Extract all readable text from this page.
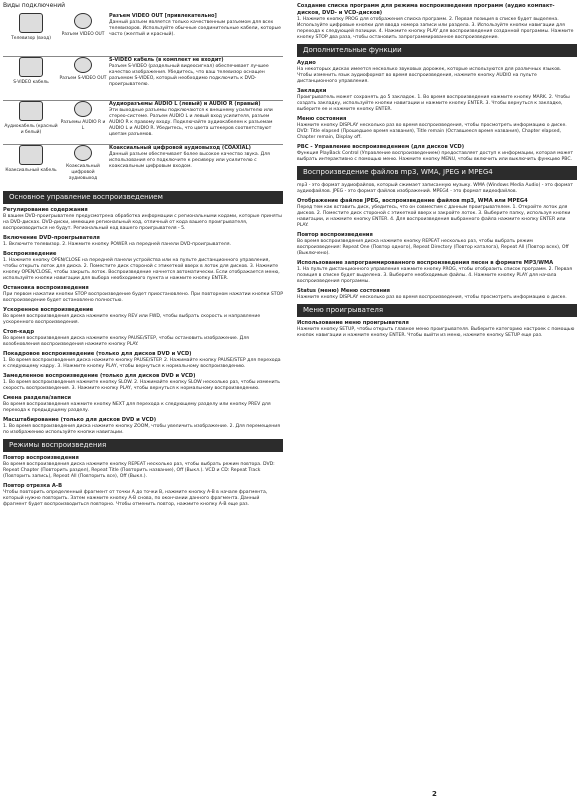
Виды подключений
Телевизор (вход)
Разъем VIDEO OUT
Разъем VIDEO OUT [привлекательно]
Данный разъем является только качественным разъемом для всех телевизоров. Используйте обычные соединительные кабели, которые часто (желтый и красный).
S-VIDEO кабель
Разъем S-VIDEO OUT
S-VIDEO кабель (в комплект не входит)
Разъем S-VIDEO (раздельный видеосигнал) обеспечивает лучшее качество изображения. Убедитесь, что ваш телевизор оснащен разъемом S-VIDEO, который необходимо подключить к DVD-проигрывателю.
Аудиокабель (красный и белый)
Разъемы AUDIO R и L
Аудиоразъемы AUDIO L (левый) и AUDIO R (правый)
Эти выходные разъемы подключаются к внешнему усилителю или стерео-системе. Разъем AUDIO L и левый вход усилителя, разъем AUDIO R к правому входу. Подключайте аудиокабелем к разъемам AUDIO L и AUDIO R. Убедитесь, что цвета штекеров соответствуют цветам разъемов.
Коаксиальный кабель
Коаксиальный цифровой аудиовыход
Коаксиальный цифровой аудиовыход (COAXIAL)
Данный разъем обеспечивает более высокое качество звука. Для использования его подключите к ресиверу или усилителю с коаксиальным цифровым входом.
Основное управление воспроизведением
Регулирование содержания

В вашем DVD-проигрывателе предусмотрена обработка информации с региональными кодами, которые приняты на DVD-дисках. DVD-диски, имеющие региональный код, отличный от кода вашего проигрывателя, воспроизводиться не будут. Региональный код вашего проигрывателя - 5.

Включение DVD-проигрывателя

1. Включите телевизор. 2. Нажмите кнопку POWER на передней панели DVD-проигрывателя.

Воспроизведение

1. Нажмите кнопку OPEN/CLOSE на передней панели устройства или на пульте дистанционного управления, чтобы открыть лоток для диска. 2. Поместите диск стороной с этикеткой вверх в лоток для дисков. 3. Нажмите кнопку OPEN/CLOSE, чтобы закрыть лоток. Воспроизведение начнется автоматически. Если отображается меню, используйте кнопки навигации для выбора необходимого пункта и нажмите кнопку ENTER.

Остановка воспроизведения

При первом нажатии кнопки STOP воспроизведение будет приостановлено. При повторном нажатии кнопки STOP воспроизведение будет остановлено полностью.

Ускоренное воспроизведение

Во время воспроизведения диска нажмите кнопку REV или FWD, чтобы выбрать скорость и направление ускоренного воспроизведения.

Стоп-кадр

Во время воспроизведения диска нажмите кнопку PAUSE/STEP, чтобы остановить изображение. Для возобновления воспроизведения нажмите кнопку PLAY.

Покадровое воспроизведение (только для дисков DVD и VCD)

1. Во время воспроизведения диска нажмите кнопку PAUSE/STEP. 2. Нажимайте кнопку PAUSE/STEP для перехода к следующему кадру. 3. Нажмите кнопку PLAY, чтобы вернуться к нормальному воспроизведению.

Замедленное воспроизведение (только для дисков DVD и VCD)

1. Во время воспроизведения нажмите кнопку SLOW. 2. Нажимайте кнопку SLOW несколько раз, чтобы изменить скорость воспроизведения. 3. Нажмите кнопку PLAY, чтобы вернуться к нормальному воспроизведению.

Смена раздела/записи

Во время воспроизведения нажмите кнопку NEXT для перехода к следующему разделу или кнопку PREV для перехода к предыдущему разделу.

Масштабирование (только для дисков DVD и VCD)

1. Во время воспроизведения диска нажмите кнопку ZOOM, чтобы увеличить изображение. 2. Для перемещения по изображению используйте кнопки навигации.

Режимы воспроизведения
Повтор воспроизведения

Во время воспроизведения диска нажмите кнопку REPEAT несколько раз, чтобы выбрать режим повтора. DVD: Repeat Chapter (Повторить раздел), Repeat Title (Повторить название), Off (Выкл.). VCD и CD: Repeat Track (Повторить запись), Repeat All (Повторить все), Off (Выкл.).

Повтор отрезка A-B

Чтобы повторить определенный фрагмент от точки A до точки B, нажмите кнопку A-B в начале фрагмента, который нужно повторить. Затем нажмите кнопку A-B снова, по окончании данного фрагмента. Данный фрагмент будет воспроизводиться повторно. Чтобы отменить повтор, нажмите кнопку A-B еще раз.

Создание списка программ для режима воспроизведения программ (аудио компакт-дисков, DVD- и VCD-дисков)

1. Нажмите кнопку PROG для отображения списка программ. 2. Первая позиция в списке будет выделена. Используйте цифровые кнопки для ввода номера записи или раздела. 3. Используйте кнопки навигации для перехода к следующей позиции. 4. Нажмите кнопку PLAY для воспроизведения созданной программы. Нажмите кнопку STOP два раза, чтобы остановить запрограммированное воспроизведение.

Дополнительные функции
Аудио

На некоторых дисках имеется несколько звуковых дорожек, которые используются для различных языков. Чтобы изменить язык аудиоформат во время воспроизведения, нажмите кнопку AUDIO на пульте дистанционного управления.

Закладки

Проигрыватель может сохранять до 5 закладок. 1. Во время воспроизведения нажмите кнопку MARK. 2. Чтобы создать закладку, используйте кнопки навигации и нажмите кнопку ENTER. 3. Чтобы вернуться к закладке, выберите ее и нажмите кнопку ENTER.

Меню состояния

Нажмите кнопку DISPLAY несколько раз во время воспроизведения, чтобы просмотреть информацию о диске. DVD: Title elapsed (Прошедшее время названия), Title remain (Оставшееся время названия), Chapter elapsed, Chapter remain, Display off.

PBC - Управление воспроизведением (для дисков VCD)

Функция PlayBack Control (Управление воспроизведением) предоставляет доступ к информации, которая может выбрать интерактивно с помощью меню. Нажмите кнопку MENU, чтобы включить или выключить функцию PBC.

Воспроизведение файлов mp3, WMA, JPEG и MPEG4

mp3 - это формат аудиофайлов, который сжимает записанную музыку. WMA (Windows Media Audio) - это формат аудиофайлов. JPEG - это формат файлов изображений. MPEG4 - это формат видеофайлов.

Отображение файлов JPEG, воспроизведение файлов mp3, WMA или MPEG4

Перед тем как вставить диск, убедитесь, что он совместим с данным проигрывателем. 1. Откройте лоток для дисков. 2. Поместите диск стороной с этикеткой вверх и закройте лоток. 3. Выберите папку, используя кнопки навигации, и нажмите кнопку ENTER. 4. Для воспроизведения выбранного файла нажмите кнопку ENTER или PLAY.

Повтор воспроизведения

Во время воспроизведения диска нажмите кнопку REPEAT несколько раз, чтобы выбрать режим воспроизведения: Repeat One (Повтор одного), Repeat Directory (Повтор каталога), Repeat All (Повтор всех), Off (Выключено).

Использование запрограммированного воспроизведения песен в формате MP3/WMA

1. На пульте дистанционного управления нажмите кнопку PROG, чтобы отобразить список программ. 2. Первая позиция в списке будет выделена. 3. Выберите необходимые файлы. 4. Нажмите кнопку PLAY для начала воспроизведения программы.

Status (меню) Меню состояния

Нажмите кнопку DISPLAY несколько раз во время воспроизведения, чтобы просмотреть информацию о диске.

Меню проигрывателя
Использование меню проигрывателя

Нажмите кнопку SETUP, чтобы открыть главное меню проигрывателя. Выберите категорию настроек с помощью кнопок навигации и нажмите кнопку ENTER. Чтобы выйти из меню, нажмите кнопку SETUP еще раз.

2
